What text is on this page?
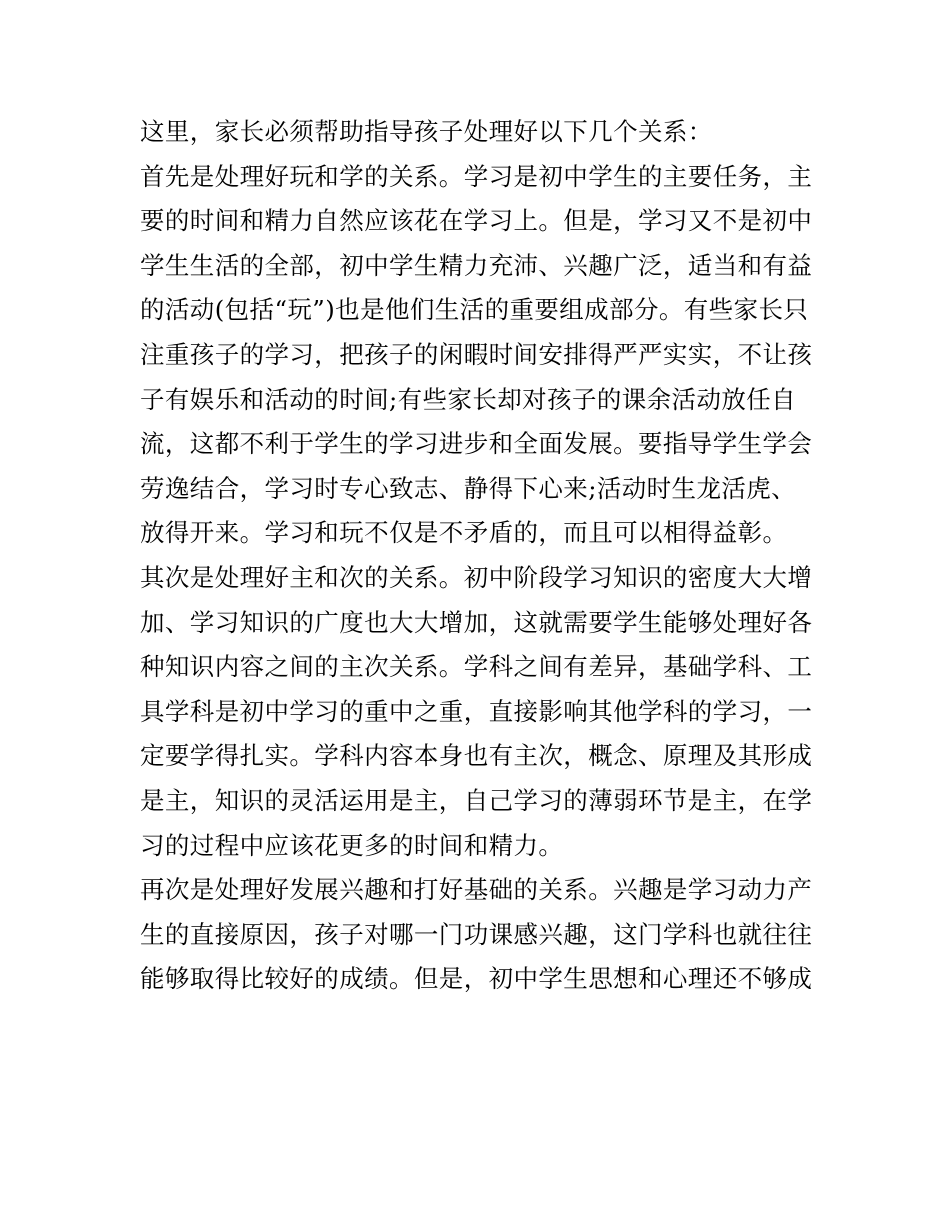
这里，家长必须帮助指导孩子处理好以下几个关系：
首先是处理好玩和学的关系。学习是初中学生的主要任务，主
要的时间和精力自然应该花在学习上。但是，学习又不是初中
学生生活的全部，初中学生精力充沛、兴趣广泛，适当和有益
的活动(包括“玩”)也是他们生活的重要组成部分。有些家长只
注重孩子的学习，把孩子的闲暇时间安排得严严实实，不让孩
子有娱乐和活动的时间;有些家长却对孩子的课余活动放任自
流，这都不利于学生的学习进步和全面发展。要指导学生学会
劳逸结合，学习时专心致志、静得下心来;活动时生龙活虎、
放得开来。学习和玩不仅是不矛盾的，而且可以相得益彰。
其次是处理好主和次的关系。初中阶段学习知识的密度大大增
加、学习知识的广度也大大增加，这就需要学生能够处理好各
种知识内容之间的主次关系。学科之间有差异，基础学科、工
具学科是初中学习的重中之重，直接影响其他学科的学习，一
定要学得扎实。学科内容本身也有主次，概念、原理及其形成
是主，知识的灵活运用是主，自己学习的薄弱环节是主，在学
习的过程中应该花更多的时间和精力。
再次是处理好发展兴趣和打好基础的关系。兴趣是学习动力产
生的直接原因，孩子对哪一门功课感兴趣，这门学科也就往往
能够取得比较好的成绩。但是，初中学生思想和心理还不够成
